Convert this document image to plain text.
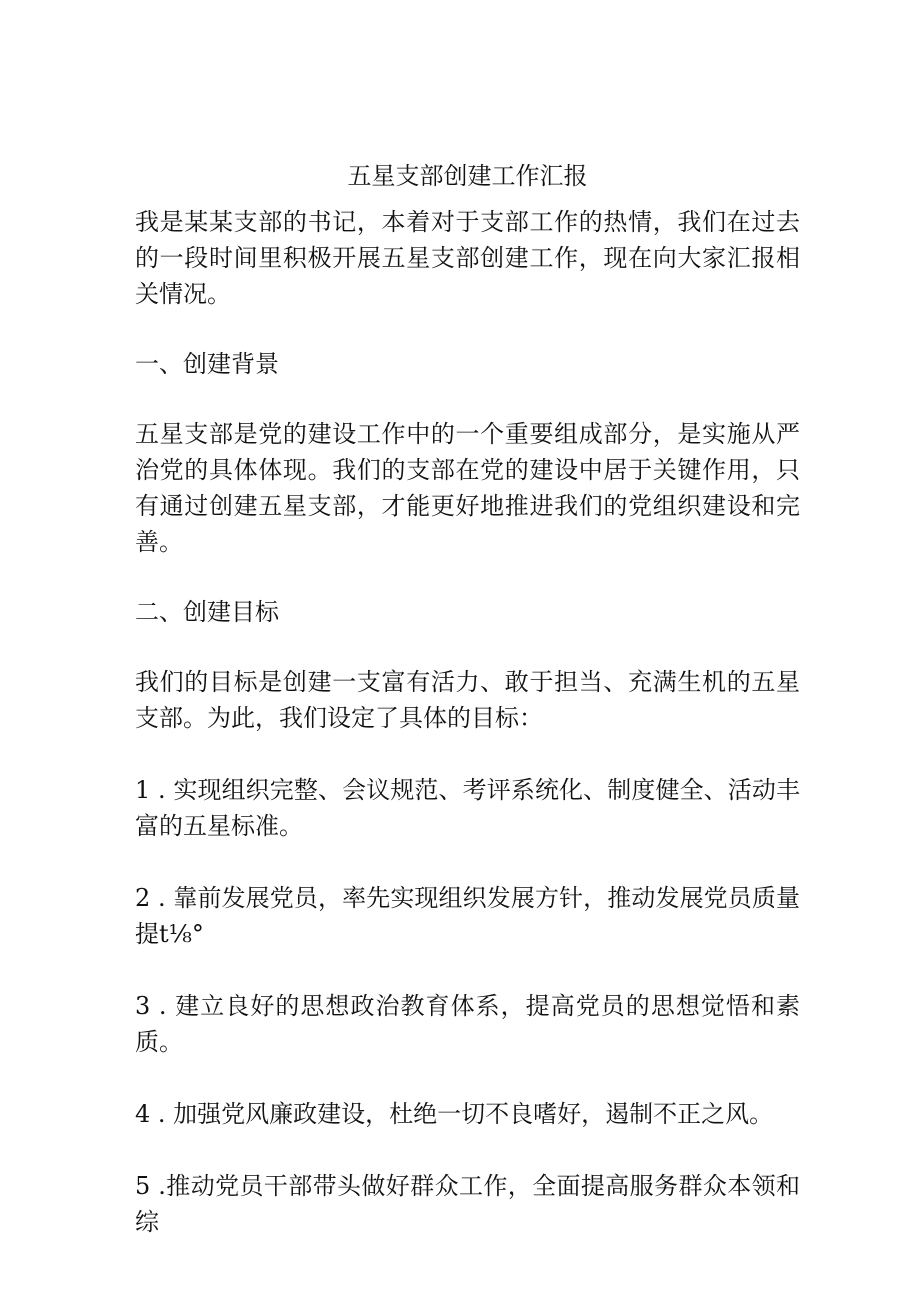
五星支部创建工作汇报

我是某某支部的书记，本着对于支部工作的热情，我们在过去的一段时间里积极开展五星支部创建工作，现在向大家汇报相关情况。

一、创建背景

五星支部是党的建设工作中的一个重要组成部分，是实施从严治党的具体体现。我们的支部在党的建设中居于关键作用，只有通过创建五星支部，才能更好地推进我们的党组织建设和完善。

二、创建目标

我们的目标是创建一支富有活力、敢于担当、充满生机的五星支部。为此，我们设定了具体的目标：

1 . 实现组织完整、会议规范、考评系统化、制度健全、活动丰富的五星标准。

2 . 靠前发展党员，率先实现组织发展方针，推动发展党员质量提t⅛°

3 . 建立良好的思想政治教育体系，提高党员的思想觉悟和素质。

4 . 加强党风廉政建设，杜绝一切不良嗜好，遏制不正之风。

5 .推动党员干部带头做好群众工作，全面提高服务群众本领和综
